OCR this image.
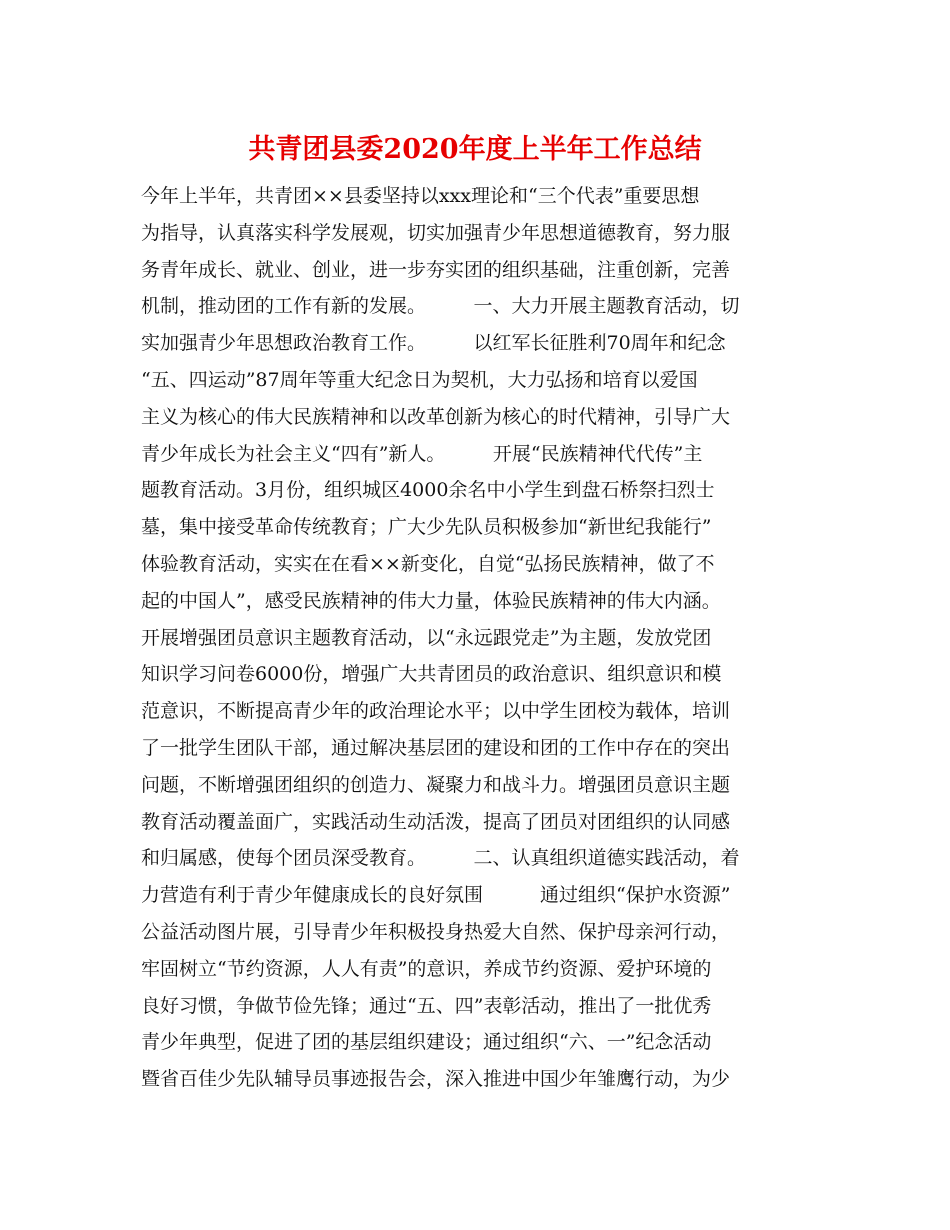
共青团县委2020年度上半年工作总结
今年上半年，共青团××县委坚持以xxx理论和“三个代表”重要思想
为指导，认真落实科学发展观，切实加强青少年思想道德教育，努力服
务青年成长、就业、创业，进一步夯实团的组织基础，注重创新，完善
机制，推动团的工作有新的发展。　　　一、大力开展主题教育活动，切
实加强青少年思想政治教育工作。　　　以红军长征胜利70周年和纪念
“五、四运动”87周年等重大纪念日为契机，大力弘扬和培育以爱国
主义为核心的伟大民族精神和以改革创新为核心的时代精神，引导广大
青少年成长为社会主义“四有”新人。　　　开展“民族精神代代传”主
题教育活动。3月份，组织城区4000余名中小学生到盘石桥祭扫烈士
墓，集中接受革命传统教育；广大少先队员积极参加“新世纪我能行”
体验教育活动，实实在在看××新变化，自觉“弘扬民族精神，做了不
起的中国人”，感受民族精神的伟大力量，体验民族精神的伟大内涵。
开展增强团员意识主题教育活动，以“永远跟党走”为主题，发放党团
知识学习问卷6000份，增强广大共青团员的政治意识、组织意识和模
范意识，不断提高青少年的政治理论水平；以中学生团校为载体，培训
了一批学生团队干部，通过解决基层团的建设和团的工作中存在的突出
问题，不断增强团组织的创造力、凝聚力和战斗力。增强团员意识主题
教育活动覆盖面广，实践活动生动活泼，提高了团员对团组织的认同感
和归属感，使每个团员深受教育。　　　二、认真组织道德实践活动，着
力营造有利于青少年健康成长的良好氛围　　　通过组织“保护水资源”
公益活动图片展，引导青少年积极投身热爱大自然、保护母亲河行动，
牢固树立“节约资源，人人有责”的意识，养成节约资源、爱护环境的
良好习惯，争做节俭先锋；通过“五、四”表彰活动，推出了一批优秀
青少年典型，促进了团的基层组织建设；通过组织“六、一”纪念活动
暨省百佳少先队辅导员事迹报告会，深入推进中国少年雏鹰行动，为少
